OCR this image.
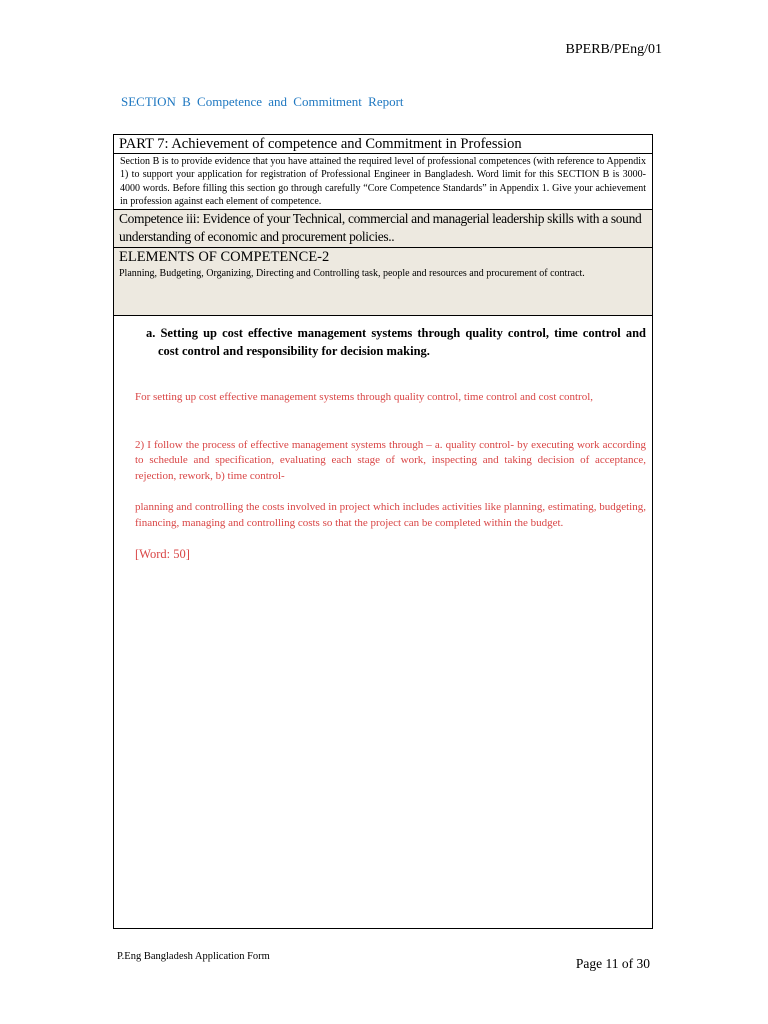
BPERB/PEng/01
SECTION B Competence and Commitment Report
PART 7: Achievement of competence and Commitment in Profession
Section B is to provide evidence that you have attained the required level of professional competences (with reference to Appendix 1) to support your application for registration of Professional Engineer in Bangladesh. Word limit for this SECTION B is 3000-4000 words. Before filling this section go through carefully “Core Competence Standards” in Appendix 1. Give your achievement in profession against each element of competence.
Competence iii: Evidence of your Technical, commercial and managerial leadership skills with a sound understanding of economic and procurement policies..
ELEMENTS OF COMPETENCE-2
Planning, Budgeting, Organizing, Directing and Controlling task, people and resources and procurement of contract.

a. Setting up cost effective management systems through quality control, time control and cost control and responsibility for decision making.

For setting up cost effective management systems through quality control, time control and cost control,

2) I follow the process of effective management systems through – a. quality control- by executing work according to schedule and specification, evaluating each stage of work, inspecting and taking decision of acceptance, rejection, rework, b) time control-

planning and controlling the costs involved in project which includes activities like planning, estimating, budgeting, financing, managing and controlling costs so that the project can be completed within the budget.

[Word: 50]
P.Eng Bangladesh Application Form	Page 11 of 30
